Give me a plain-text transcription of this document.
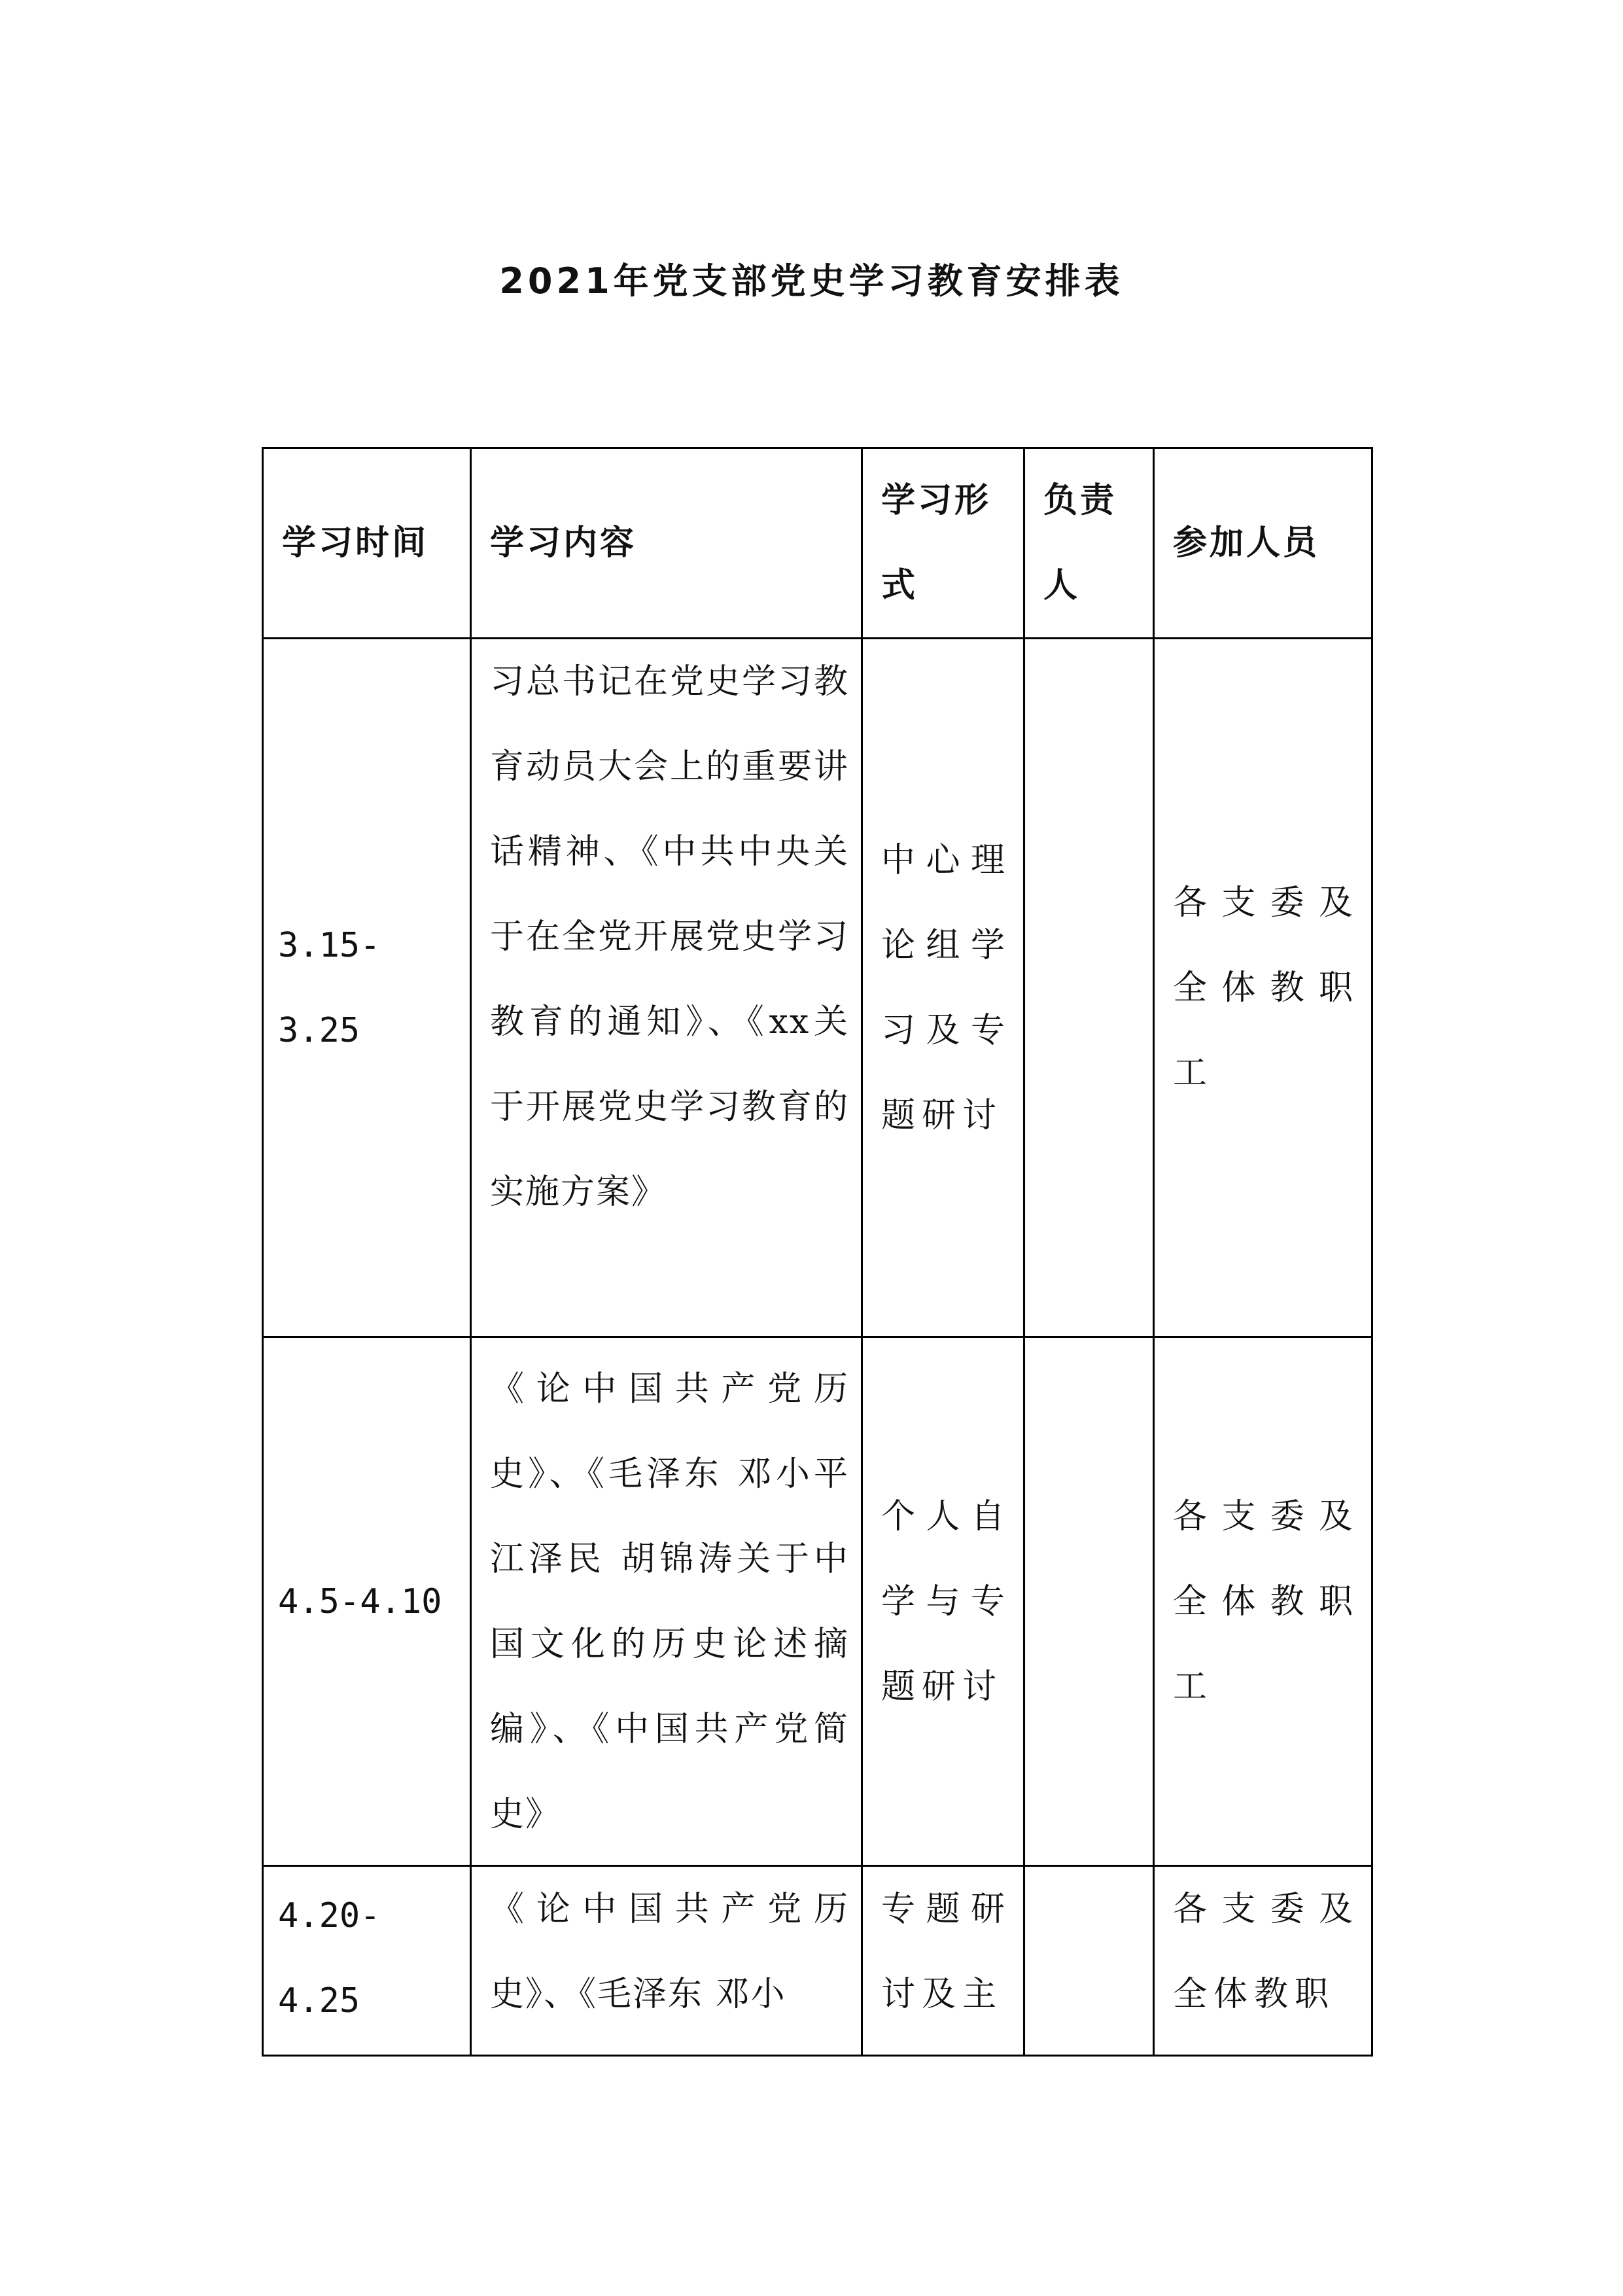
2021年党支部党史学习教育安排表
学习时间	学习内容	学习形式	负责人	参加人员
3.15-3.25	习总书记在党史学习教育动员大会上的重要讲话精神、《中共中央关于在全党开展党史学习教育的通知》、《xx关于开展党史学习教育的实施方案》	中心理论组学习及专题研讨		各支委及全体教职工
4.5-4.10	《论中国共产党历史》、《毛泽东 邓小平 江泽民 胡锦涛关于中国文化的历史论述摘编》、《中国共产党简史》	个人自学与专题研讨		各支委及全体教职工
4.20-4.25	《论中国共产党历史》、《毛泽东 邓小	专题研讨及主		各支委及全体教职
